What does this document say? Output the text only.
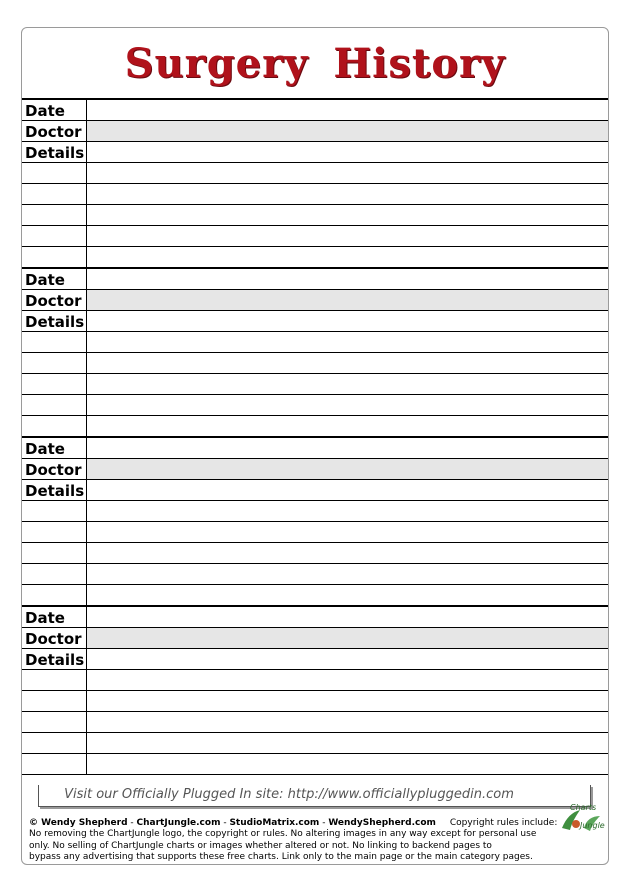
Surgery History
Date
Doctor
Details
Date
Doctor
Details
Date
Doctor
Details
Date
Doctor
Details
Visit our Officially Plugged In site: http://www.officiallypluggedin.com
Charts
Jungle
© Wendy Shepherd - ChartJungle.com - StudioMatrix.com - WendyShepherd.com Copyright rules include:
No removing the ChartJungle logo, the copyright or rules. No altering images in any way except for personal use
only. No selling of ChartJungle charts or images whether altered or not. No linking to backend pages to
bypass any advertising that supports these free charts. Link only to the main page or the main category pages.
